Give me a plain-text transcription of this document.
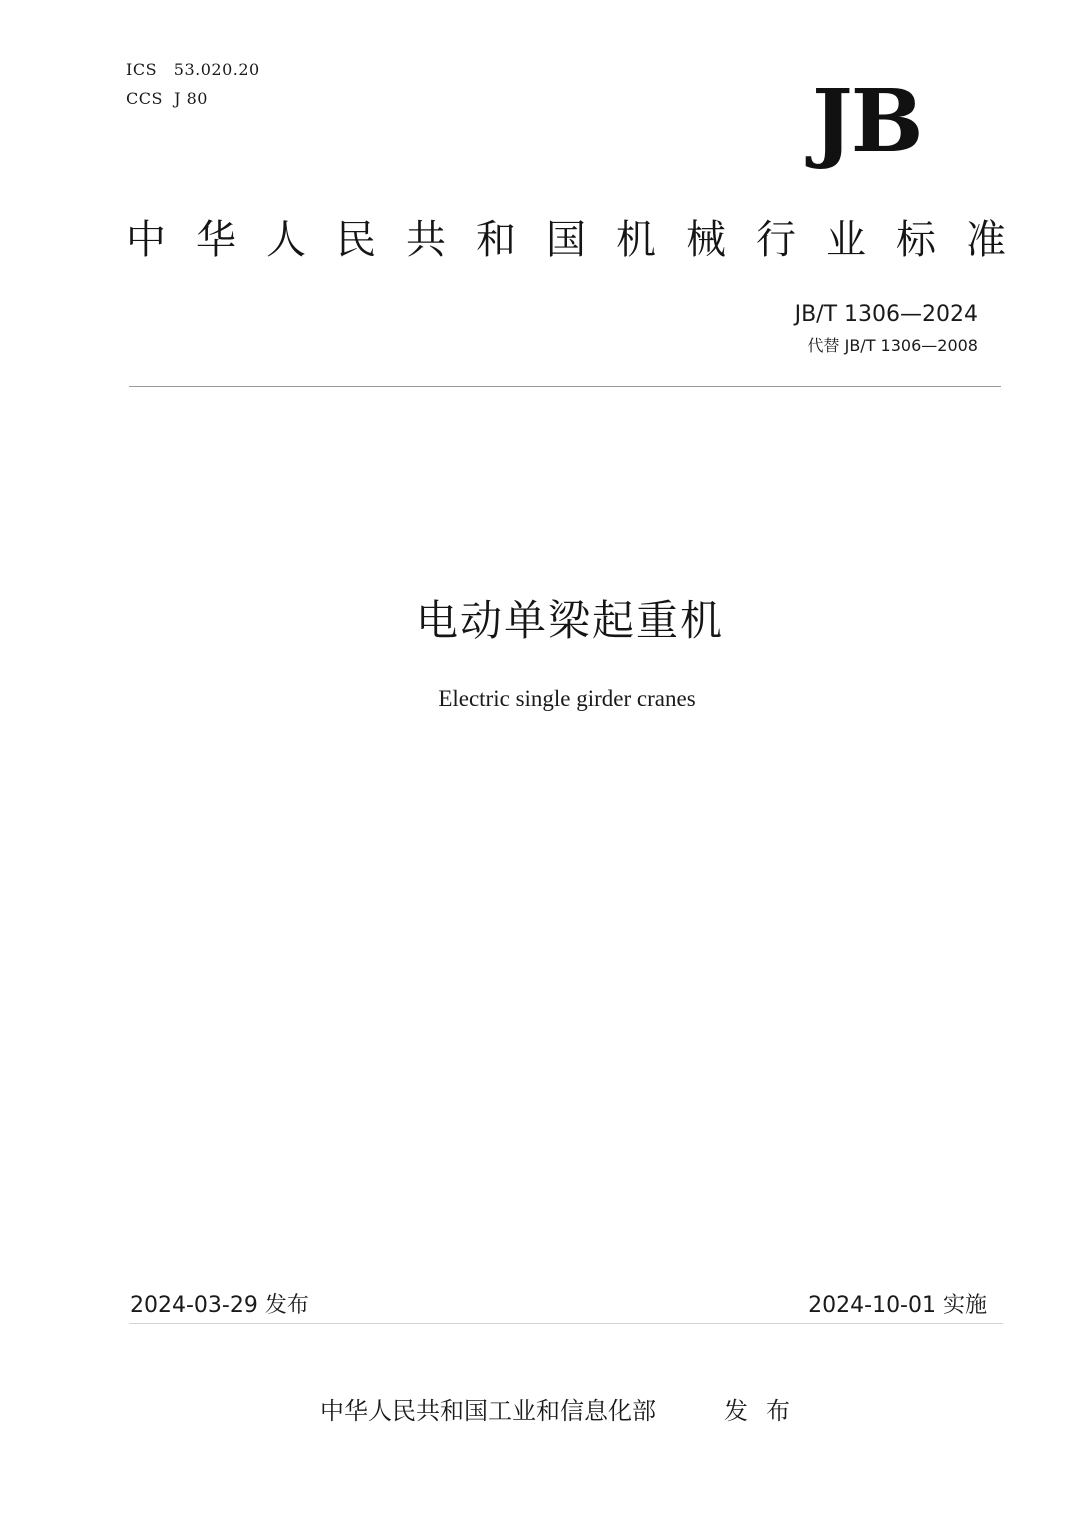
ICS   53.020.20
CCS  J 80	JB
中 华 人 民 共 和 国 机 械 行 业 标 准
JB/T 1306—2024
代替 JB/T 1306—2008
电动单梁起重机
Electric single girder cranes
2024-03-29 发布	2024-10-01 实施
中华人民共和国工业和信息化部	发布
